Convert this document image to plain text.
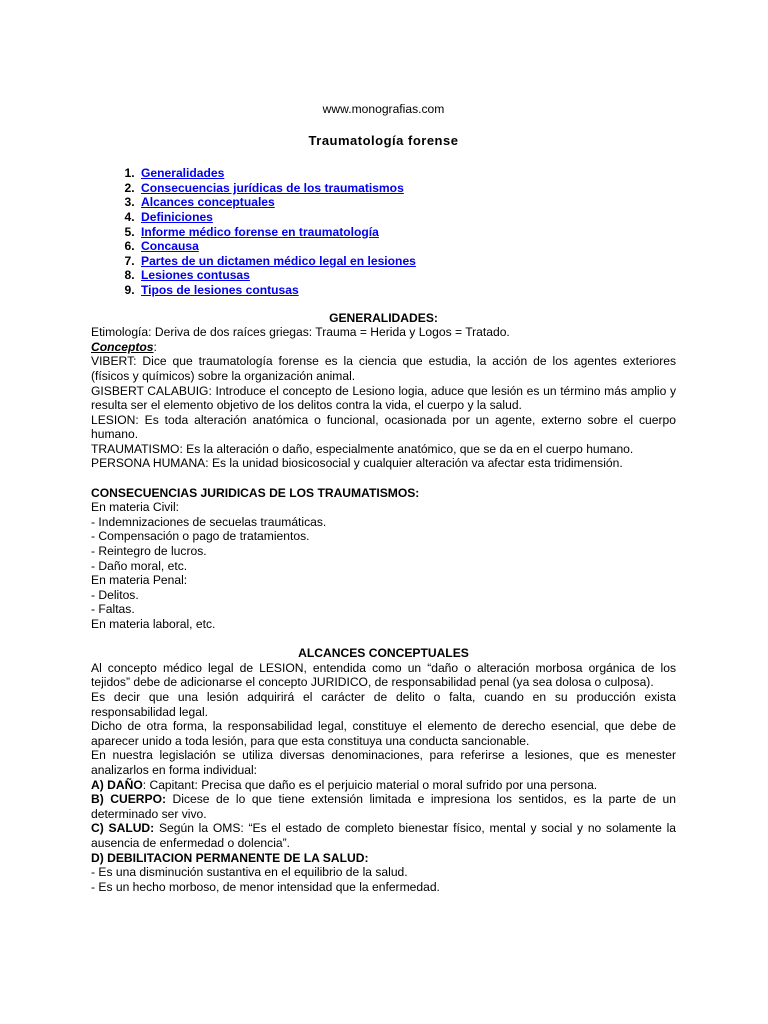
www.monografias.com

Traumatología forense

1. Generalidades
2. Consecuencias jurídicas de los traumatismos
3. Alcances conceptuales
4. Definiciones
5. Informe médico forense en traumatología
6. Concausa
7. Partes de un dictamen médico legal en lesiones
8. Lesiones contusas
9. Tipos de lesiones contusas

GENERALIDADES:

Etimología: Deriva de dos raíces griegas: Trauma = Herida y Logos = Tratado.

Conceptos:

VIBERT: Dice que traumatología forense es la ciencia que estudia, la acción de los agentes exteriores (físicos y químicos) sobre la organización animal.

GISBERT CALABUIG: Introduce el concepto de Lesiono logia, aduce que lesión es un término más amplio y resulta ser el elemento objetivo de los delitos contra la vida, el cuerpo y la salud.

LESION: Es toda alteración anatómica o funcional, ocasionada por un agente, externo sobre el cuerpo humano.

TRAUMATISMO: Es la alteración o daño, especialmente anatómico, que se da en el cuerpo humano.

PERSONA HUMANA: Es la unidad biosicosocial y cualquier alteración va afectar esta tridimensión.

CONSECUENCIAS JURIDICAS DE LOS TRAUMATISMOS:

En materia Civil:

- Indemnizaciones de secuelas traumáticas.

- Compensación o pago de tratamientos.

- Reintegro de lucros.

- Daño moral, etc.

En materia Penal:

- Delitos.

- Faltas.

En materia laboral, etc.

ALCANCES CONCEPTUALES

Al concepto médico legal de LESION, entendida como un “daño o alteración morbosa orgánica de los tejidos” debe de adicionarse el concepto JURIDICO, de responsabilidad penal (ya sea dolosa o culposa).

Es decir que una lesión adquirirá el carácter de delito o falta, cuando en su producción exista responsabilidad legal.

Dicho de otra forma, la responsabilidad legal, constituye el elemento de derecho esencial, que debe de aparecer unido a toda lesión, para que esta constituya una conducta sancionable.

En nuestra legislación se utiliza diversas denominaciones, para referirse a lesiones, que es menester analizarlos en forma individual:

A) DAÑO: Capitant: Precisa que daño es el perjuicio material o moral sufrido por una persona.

B) CUERPO: Dicese de lo que tiene extensión limitada e impresiona los sentidos, es la parte de un determinado ser vivo.

C) SALUD: Según la OMS: “Es el estado de completo bienestar físico, mental y social y no solamente la ausencia de enfermedad o dolencia”.

D) DEBILITACION PERMANENTE DE LA SALUD:

- Es una disminución sustantiva en el equilibrio de la salud.

- Es un hecho morboso, de menor intensidad que la enfermedad.
